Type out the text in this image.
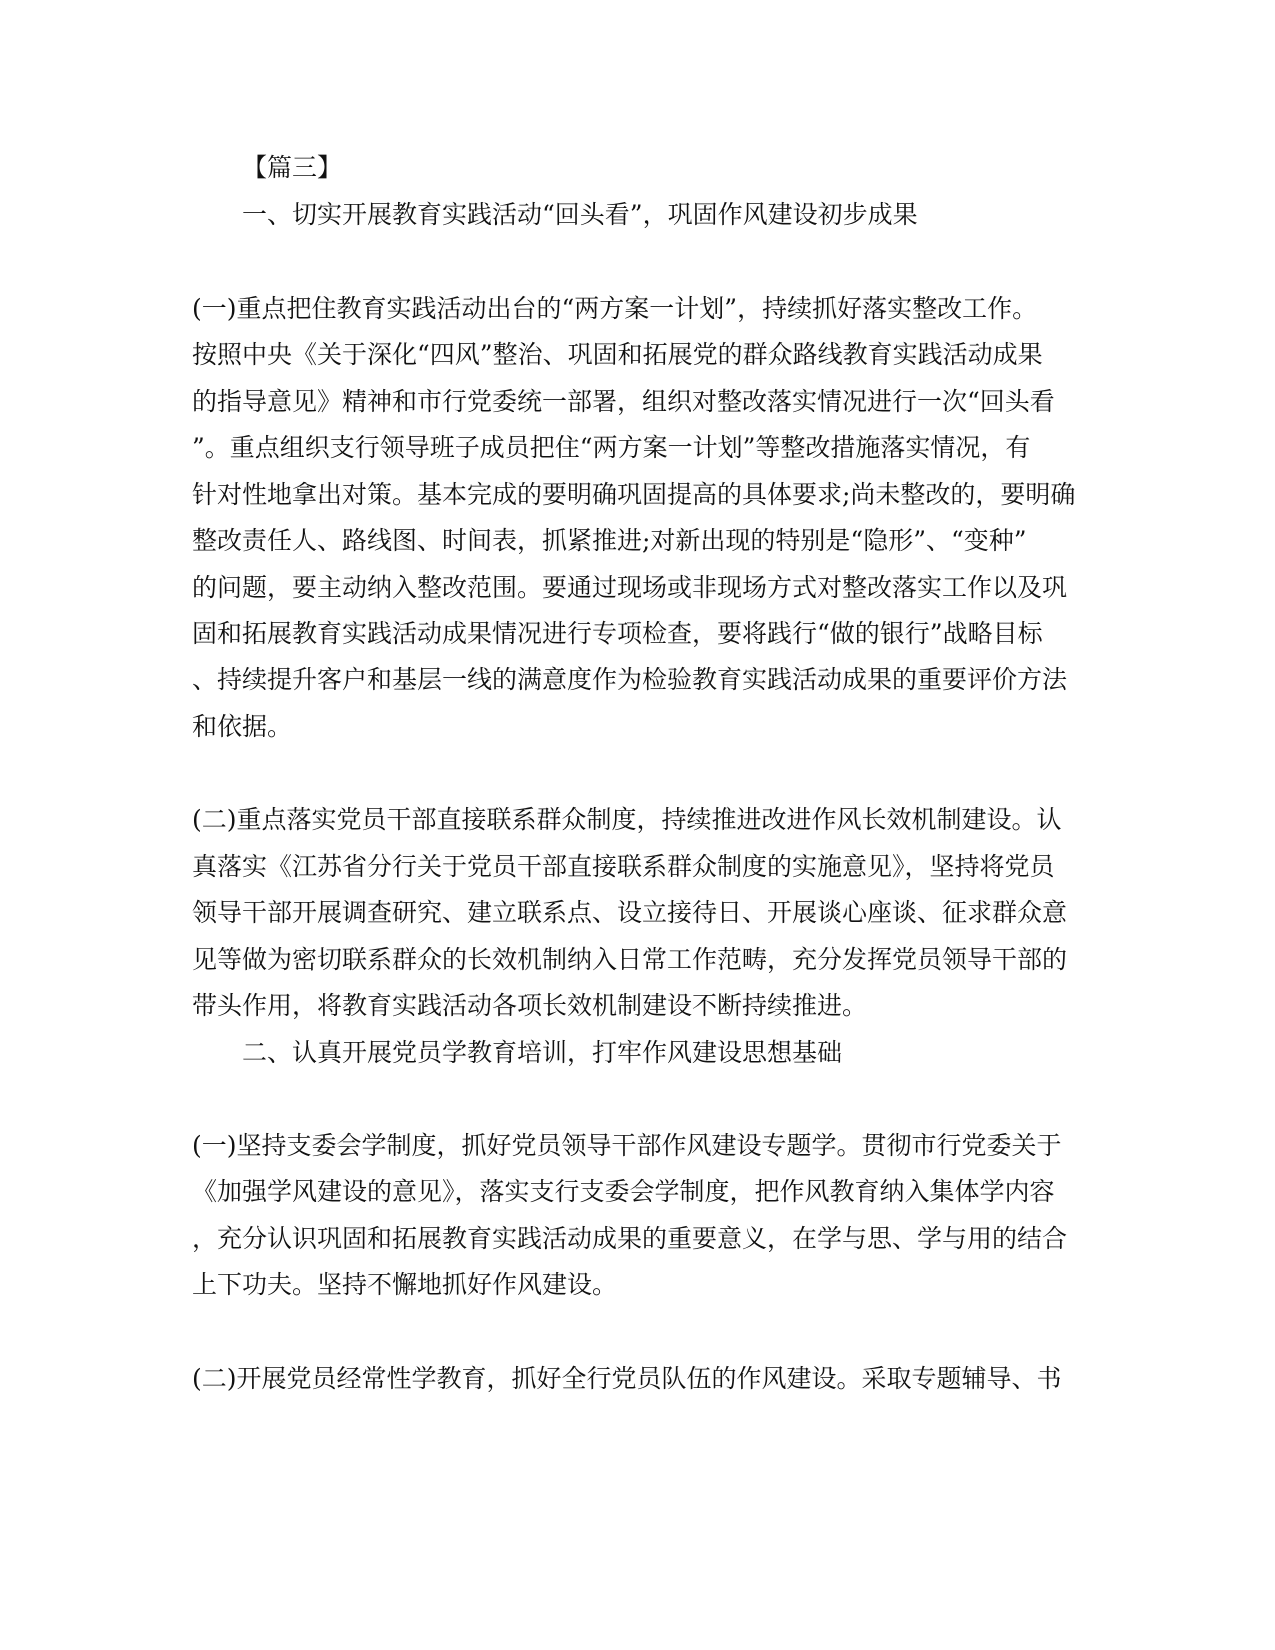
【篇三】
一、切实开展教育实践活动“回头看”，巩固作风建设初步成果
(一)重点把住教育实践活动出台的“两方案一计划”，持续抓好落实整改工作。
按照中央《关于深化“四风”整治、巩固和拓展党的群众路线教育实践活动成果
的指导意见》精神和市行党委统一部署，组织对整改落实情况进行一次“回头看
”。重点组织支行领导班子成员把住“两方案一计划”等整改措施落实情况，有
针对性地拿出对策。基本完成的要明确巩固提高的具体要求;尚未整改的，要明确
整改责任人、路线图、时间表，抓紧推进;对新出现的特别是“隐形”、“变种”
的问题，要主动纳入整改范围。要通过现场或非现场方式对整改落实工作以及巩
固和拓展教育实践活动成果情况进行专项检查，要将践行“做的银行”战略目标
、持续提升客户和基层一线的满意度作为检验教育实践活动成果的重要评价方法
和依据。
(二)重点落实党员干部直接联系群众制度，持续推进改进作风长效机制建设。认
真落实《江苏省分行关于党员干部直接联系群众制度的实施意见》，坚持将党员
领导干部开展调查研究、建立联系点、设立接待日、开展谈心座谈、征求群众意
见等做为密切联系群众的长效机制纳入日常工作范畴，充分发挥党员领导干部的
带头作用，将教育实践活动各项长效机制建设不断持续推进。
二、认真开展党员学教育培训，打牢作风建设思想基础
(一)坚持支委会学制度，抓好党员领导干部作风建设专题学。贯彻市行党委关于
《加强学风建设的意见》，落实支行支委会学制度，把作风教育纳入集体学内容
，充分认识巩固和拓展教育实践活动成果的重要意义，在学与思、学与用的结合
上下功夫。坚持不懈地抓好作风建设。
(二)开展党员经常性学教育，抓好全行党员队伍的作风建设。采取专题辅导、书
